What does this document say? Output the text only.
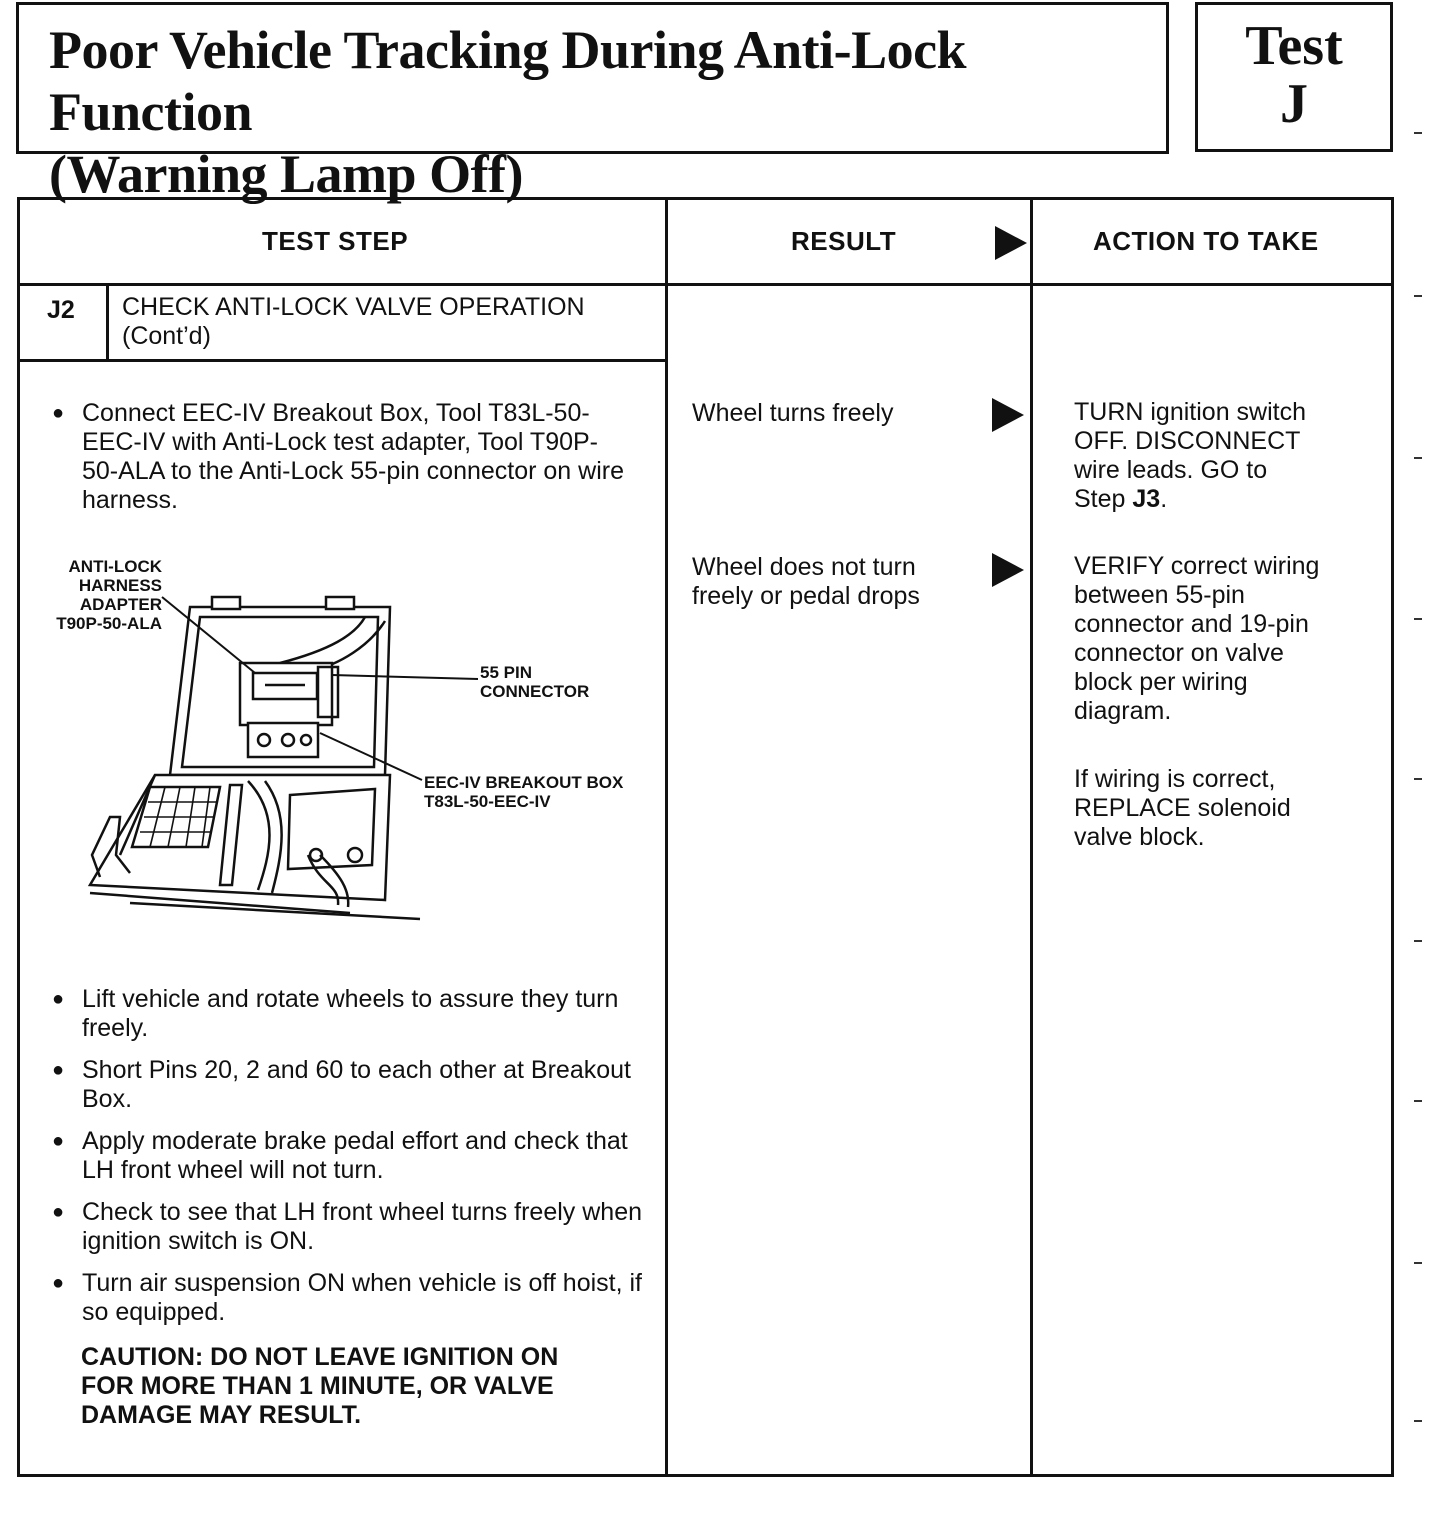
Poor Vehicle Tracking During Anti-Lock Function
(Warning Lamp Off)
Test
J
TEST STEP	RESULT	ACTION TO TAKE
J2 CHECK ANTI-LOCK VALVE OPERATION
(Cont’d)
● Connect EEC-IV Breakout Box, Tool T83L-50-EEC-IV with Anti-Lock test adapter, Tool T90P-50-ALA to the Anti-Lock 55-pin connector on wire harness.
ANTI-LOCK
HARNESS
ADAPTER
T90P-50-ALA
55 PIN
CONNECTOR
EEC-IV BREAKOUT BOX
T83L-50-EEC-IV
● Lift vehicle and rotate wheels to assure they turn freely.
● Short Pins 20, 2 and 60 to each other at Breakout Box.
● Apply moderate brake pedal effort and check that LH front wheel will not turn.
● Check to see that LH front wheel turns freely when ignition switch is ON.
● Turn air suspension ON when vehicle is off hoist, if so equipped.
CAUTION: DO NOT LEAVE IGNITION ON
FOR MORE THAN 1 MINUTE, OR VALVE
DAMAGE MAY RESULT.
Wheel turns freely
Wheel does not turn
freely or pedal drops
TURN ignition switch
OFF. DISCONNECT
wire leads. GO to
Step J3.
VERIFY correct wiring
between 55-pin
connector and 19-pin
connector on valve
block per wiring
diagram.
If wiring is correct,
REPLACE solenoid
valve block.
